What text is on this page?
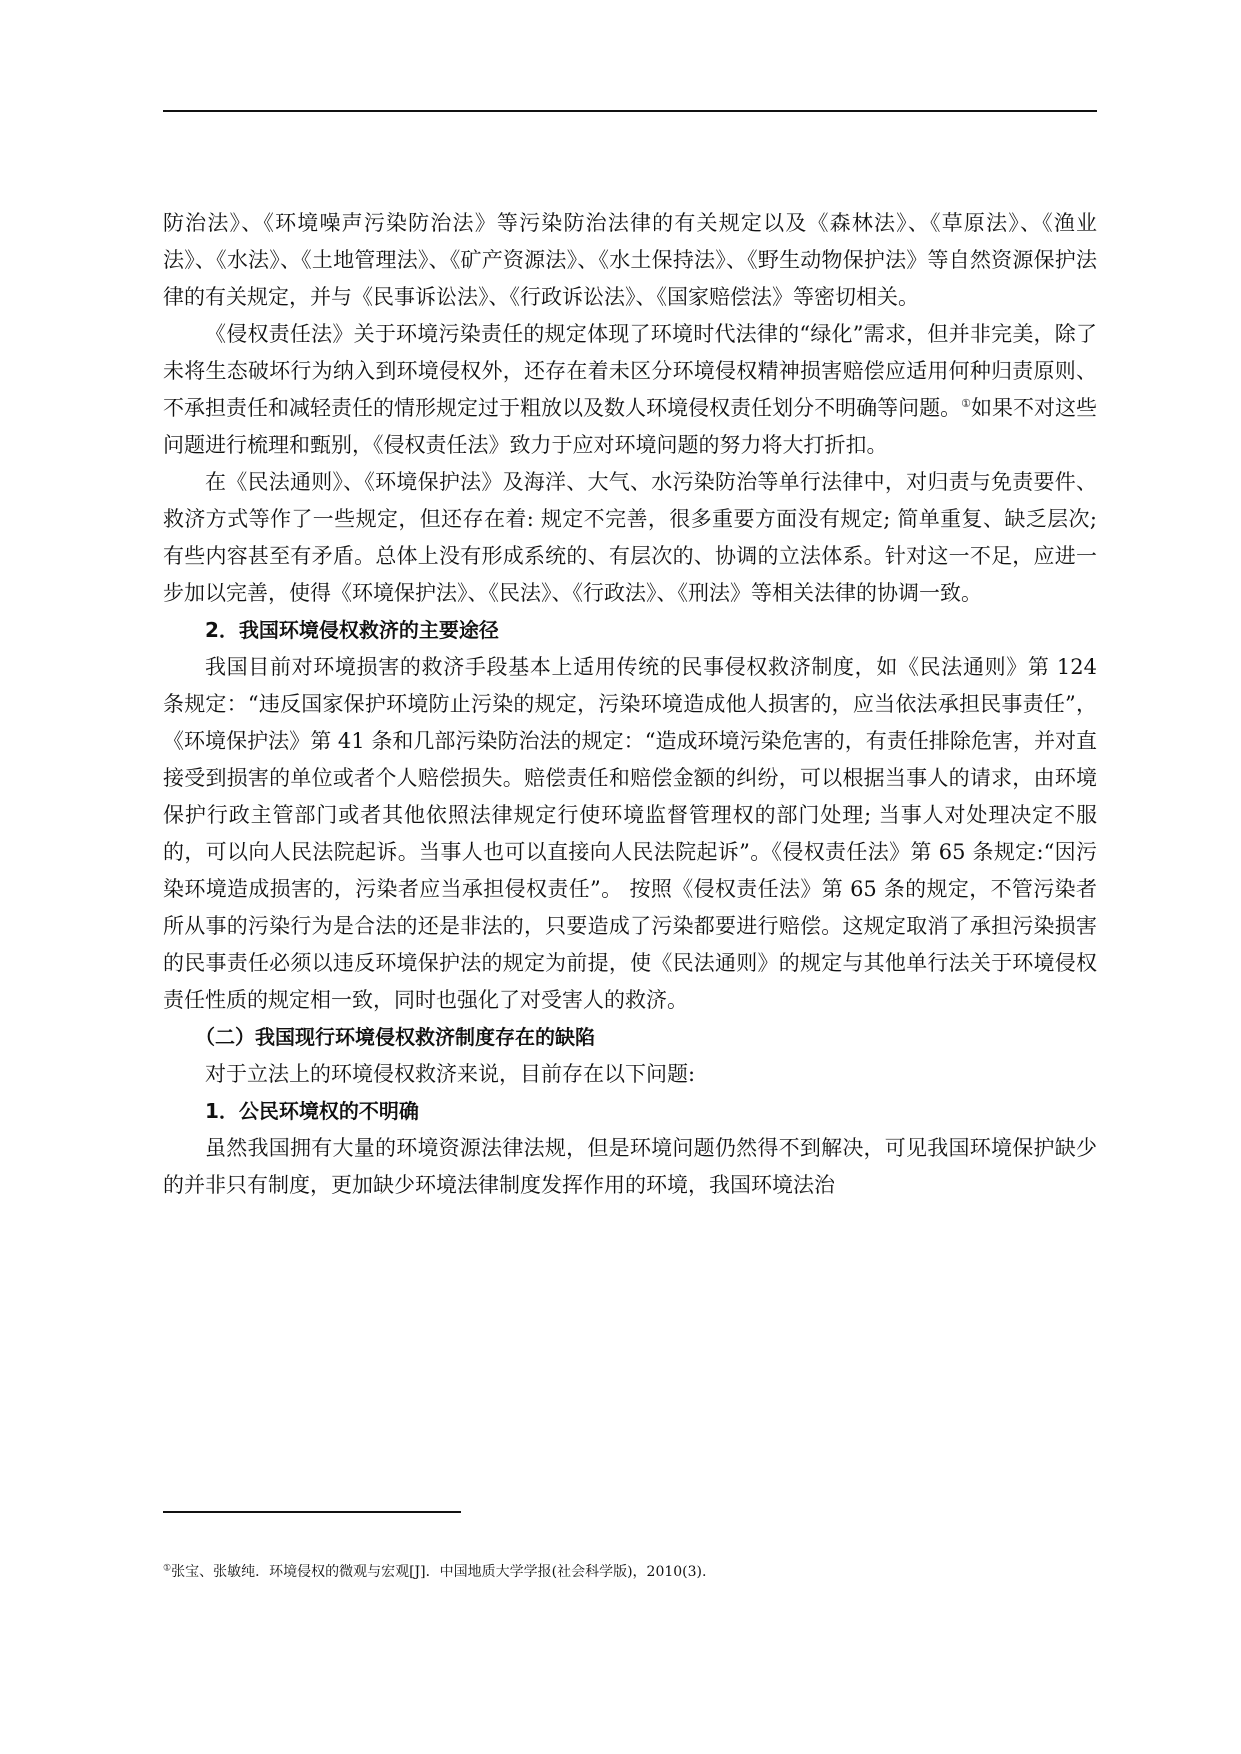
防治法》、《环境噪声污染防治法》等污染防治法律的有关规定以及《森林法》、《草原法》、《渔业法》、《水法》、《土地管理法》、《矿产资源法》、《水土保持法》、《野生动物保护法》等自然资源保护法律的有关规定，并与《民事诉讼法》、《行政诉讼法》、《国家赔偿法》等密切相关。

《侵权责任法》关于环境污染责任的规定体现了环境时代法律的“绿化”需求，但并非完美，除了未将生态破坏行为纳入到环境侵权外，还存在着未区分环境侵权精神损害赔偿应适用何种归责原则、不承担责任和减轻责任的情形规定过于粗放以及数人环境侵权责任划分不明确等问题。①如果不对这些问题进行梳理和甄别，《侵权责任法》致力于应对环境问题的努力将大打折扣。

在《民法通则》、《环境保护法》及海洋、大气、水污染防治等单行法律中，对归责与免责要件、救济方式等作了一些规定，但还存在着: 规定不完善，很多重要方面没有规定; 简单重复、缺乏层次; 有些内容甚至有矛盾。总体上没有形成系统的、有层次的、协调的立法体系。针对这一不足，应进一步加以完善，使得《环境保护法》、《民法》、《行政法》、《刑法》等相关法律的协调一致。

2．我国环境侵权救济的主要途径

我国目前对环境损害的救济手段基本上适用传统的民事侵权救济制度，如《民法通则》第 124 条规定：“违反国家保护环境防止污染的规定，污染环境造成他人损害的，应当依法承担民事责任”，《环境保护法》第 41 条和几部污染防治法的规定：“造成环境污染危害的，有责任排除危害，并对直接受到损害的单位或者个人赔偿损失。赔偿责任和赔偿金额的纠纷，可以根据当事人的请求，由环境保护行政主管部门或者其他依照法律规定行使环境监督管理权的部门处理; 当事人对处理决定不服的，可以向人民法院起诉。当事人也可以直接向人民法院起诉”。《侵权责任法》第 65 条规定:“因污染环境造成损害的，污染者应当承担侵权责任”。 按照《侵权责任法》第 65 条的规定，不管污染者所从事的污染行为是合法的还是非法的，只要造成了污染都要进行赔偿。这规定取消了承担污染损害的民事责任必须以违反环境保护法的规定为前提，使《民法通则》的规定与其他单行法关于环境侵权责任性质的规定相一致，同时也强化了对受害人的救济。

（二）我国现行环境侵权救济制度存在的缺陷

对于立法上的环境侵权救济来说，目前存在以下问题:

1．公民环境权的不明确

虽然我国拥有大量的环境资源法律法规，但是环境问题仍然得不到解决，可见我国环境保护缺少的并非只有制度，更加缺少环境法律制度发挥作用的环境，我国环境法治

①张宝、张敏纯．环境侵权的微观与宏观[J]．中国地质大学学报(社会科学版)，2010(3).
